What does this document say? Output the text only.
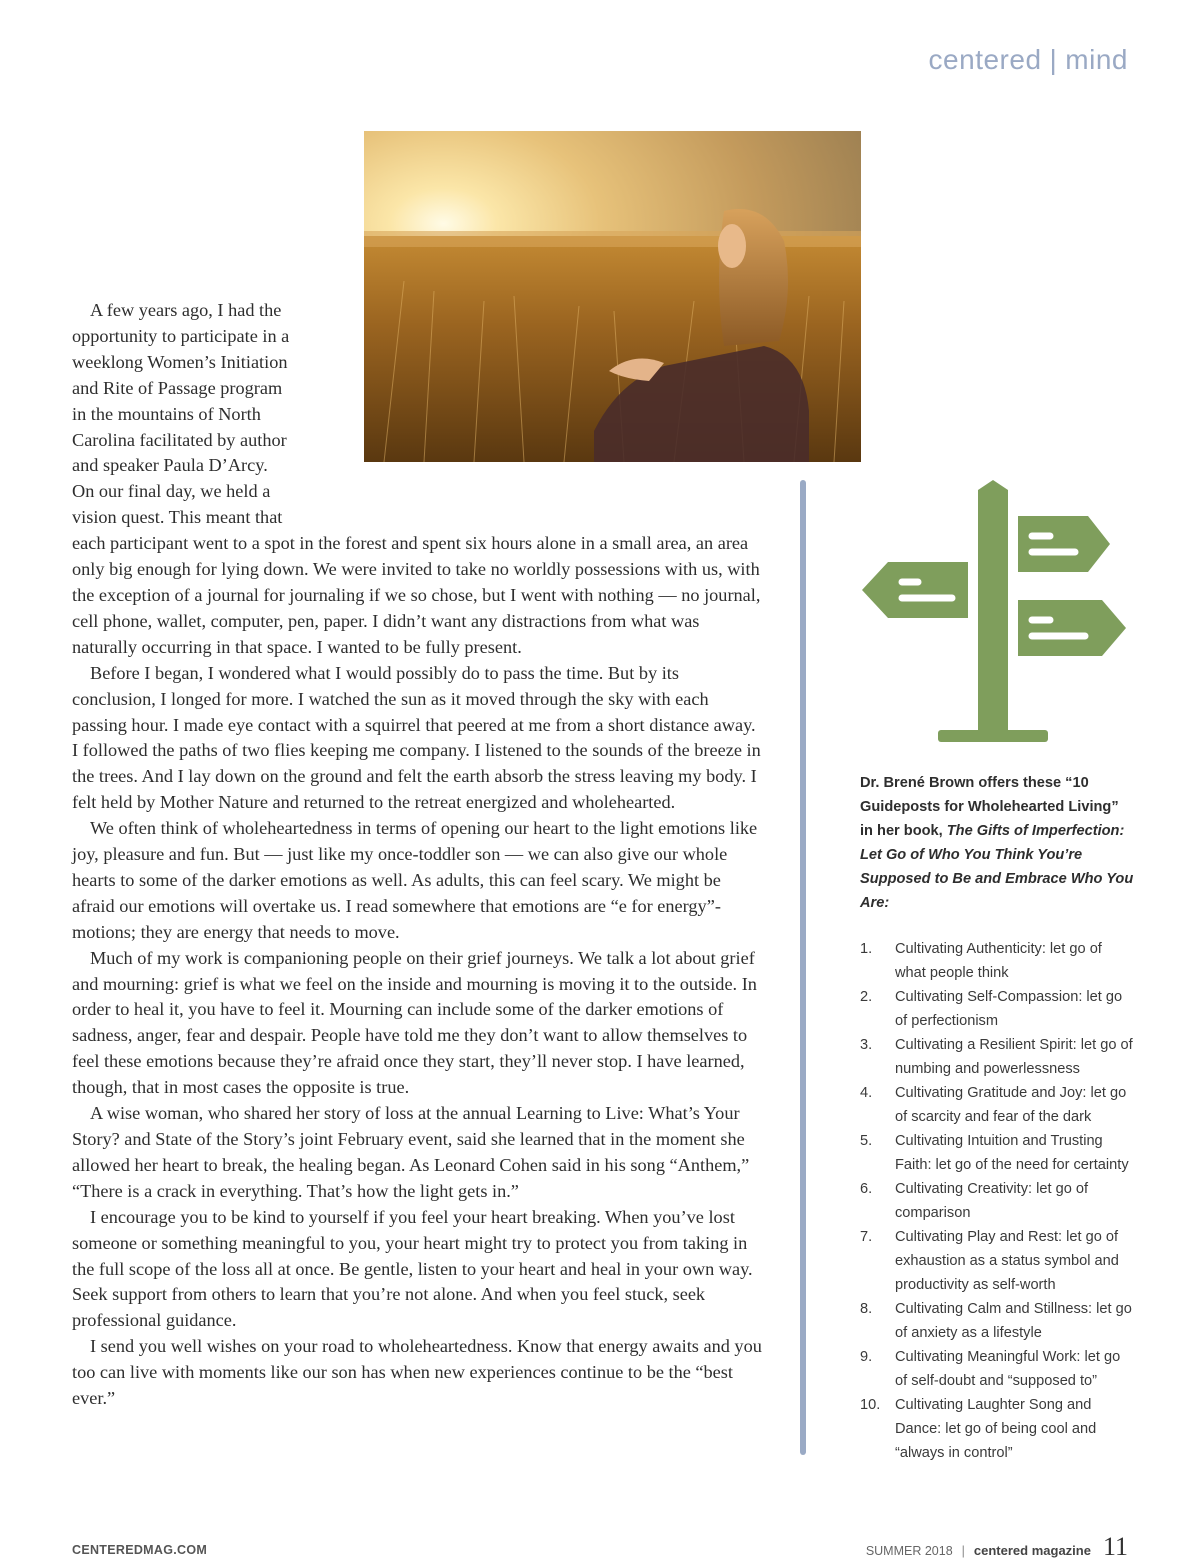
centered | mind

A few years ago, I had the opportunity to participate in a weeklong Women’s Initiation and Rite of Passage program in the mountains of North Carolina facilitated by author and speaker Paula D’Arcy. On our final day, we held a vision quest. This meant that each participant went to a spot in the forest and spent six hours alone in a small area, an area only big enough for lying down. We were invited to take no worldly possessions with us, with the exception of a journal for journaling if we so chose, but I went with nothing — no journal, cell phone, wallet, computer, pen, paper. I didn’t want any distractions from what was naturally occurring in that space. I wanted to be fully present.

Before I began, I wondered what I would possibly do to pass the time. But by its conclusion, I longed for more. I watched the sun as it moved through the sky with each passing hour. I made eye contact with a squirrel that peered at me from a short distance away. I followed the paths of two flies keeping me company. I listened to the sounds of the breeze in the trees. And I lay down on the ground and felt the earth absorb the stress leaving my body. I felt held by Mother Nature and returned to the retreat energized and wholehearted.

We often think of wholeheartedness in terms of opening our heart to the light emotions like joy, pleasure and fun. But — just like my once-toddler son — we can also give our whole hearts to some of the darker emotions as well. As adults, this can feel scary. We might be afraid our emotions will overtake us. I read somewhere that emotions are “e for energy”-motions; they are energy that needs to move.

Much of my work is companioning people on their grief journeys. We talk a lot about grief and mourning: grief is what we feel on the inside and mourning is moving it to the outside. In order to heal it, you have to feel it. Mourning can include some of the darker emotions of sadness, anger, fear and despair. People have told me they don’t want to allow themselves to feel these emotions because they’re afraid once they start, they’ll never stop. I have learned, though, that in most cases the opposite is true.

A wise woman, who shared her story of loss at the annual Learning to Live: What’s Your Story? and State of the Story’s joint February event, said she learned that in the moment she allowed her heart to break, the healing began. As Leonard Cohen said in his song “Anthem,” “There is a crack in everything. That’s how the light gets in.”

I encourage you to be kind to yourself if you feel your heart breaking. When you’ve lost someone or something meaningful to you, your heart might try to protect you from taking in the full scope of the loss all at once. Be gentle, listen to your heart and heal in your own way. Seek support from others to learn that you’re not alone. And when you feel stuck, seek professional guidance.

I send you well wishes on your road to wholeheartedness. Know that energy awaits and you too can live with moments like our son has when new experiences continue to be the “best ever.”

Dr. Brené Brown offers these “10 Guideposts for Wholehearted Living” in her book, The Gifts of Imperfection: Let Go of Who You Think You’re Supposed to Be and Embrace Who You Are:

1. Cultivating Authenticity: let go of what people think
2. Cultivating Self-Compassion: let go of perfectionism
3. Cultivating a Resilient Spirit: let go of numbing and powerlessness
4. Cultivating Gratitude and Joy: let go of scarcity and fear of the dark
5. Cultivating Intuition and Trusting Faith: let go of the need for certainty
6. Cultivating Creativity: let go of comparison
7. Cultivating Play and Rest: let go of exhaustion as a status symbol and productivity as self-worth
8. Cultivating Calm and Stillness: let go of anxiety as a lifestyle
9. Cultivating Meaningful Work: let go of self-doubt and “supposed to”
10. Cultivating Laughter Song and Dance: let go of being cool and “always in control”
CENTEREDMAG.COM	SUMMER 2018 | centered magazine 11
